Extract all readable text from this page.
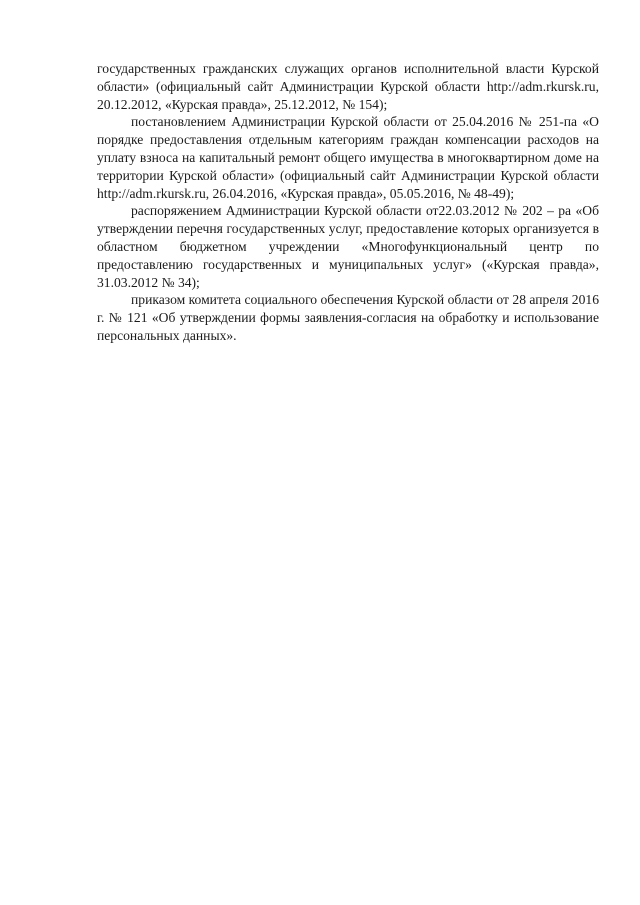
государственных гражданских служащих органов исполнительной власти Курской области» (официальный сайт Администрации Курской области http://adm.rkursk.ru, 20.12.2012, «Курская правда», 25.12.2012, № 154);

постановлением Администрации Курской области от 25.04.2016 № 251-па «О порядке предоставления отдельным категориям граждан компенсации расходов на уплату взноса на капитальный ремонт общего имущества в многоквартирном доме на территории Курской области» (официальный сайт Администрации Курской области http://adm.rkursk.ru, 26.04.2016, «Курская правда», 05.05.2016, № 48-49);

распоряжением Администрации Курской области от22.03.2012 № 202 – ра «Об утверждении перечня государственных услуг, предоставление которых организуется в областном бюджетном учреждении «Многофункциональный центр по предоставлению государственных и муниципальных услуг» («Курская правда», 31.03.2012 № 34);

приказом комитета социального обеспечения Курской области от 28 апреля 2016 г. № 121 «Об утверждении формы заявления-согласия на обработку и использование персональных данных».
